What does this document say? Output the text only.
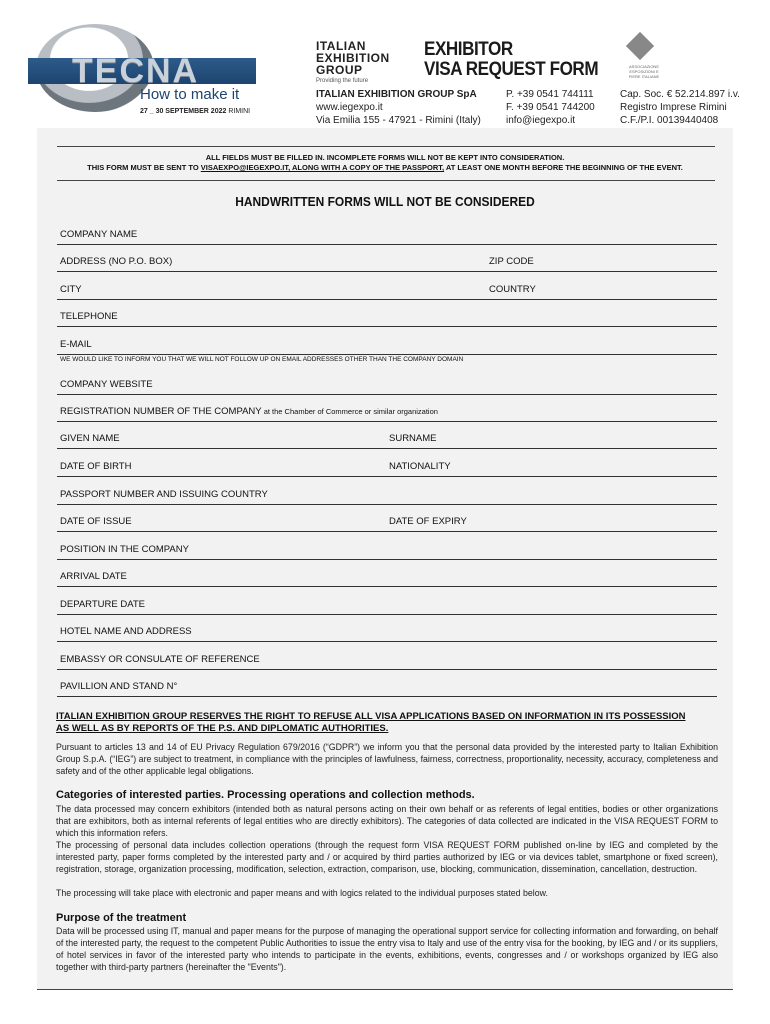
TECNA
How to make it
27 _ 30 SEPTEMBER 2022 RIMINI
ITALIAN
EXHIBITION
GROUP
Providing the future
EXHIBITOR
VISA REQUEST FORM	ASSOCIAZIONE ESPOSIZIONI E FIERE ITALIANE
ITALIAN EXHIBITION GROUP SpA
www.iegexpo.it
Via Emilia 155 - 47921 - Rimini (Italy)
P. +39 0541 744111
F. +39 0541 744200
info@iegexpo.it
Cap. Soc. € 52.214.897 i.v.
Registro Imprese Rimini
C.F./P.I. 00139440408
ALL FIELDS MUST BE FILLED IN. INCOMPLETE FORMS WILL NOT BE KEPT INTO CONSIDERATION.
THIS FORM MUST BE SENT TO VISAEXPO@IEGEXPO.IT, ALONG WITH A COPY OF THE PASSPORT, AT LEAST ONE MONTH BEFORE THE BEGINNING OF THE EVENT.
HANDWRITTEN FORMS WILL NOT BE CONSIDERED
COMPANY NAME
ADDRESS (NO P.O. BOX)	ZIP CODE
CITY	COUNTRY
TELEPHONE
E-MAIL
WE WOULD LIKE TO INFORM YOU THAT WE WILL NOT FOLLOW UP ON EMAIL ADDRESSES OTHER THAN THE COMPANY DOMAIN
COMPANY WEBSITE
REGISTRATION NUMBER OF THE COMPANY at the Chamber of Commerce or similar organization
GIVEN NAME	SURNAME
DATE OF BIRTH	NATIONALITY
PASSPORT NUMBER AND ISSUING COUNTRY
DATE OF ISSUE	DATE OF EXPIRY
POSITION IN THE COMPANY
ARRIVAL DATE
DEPARTURE DATE
HOTEL NAME AND ADDRESS
EMBASSY OR CONSULATE OF REFERENCE
PAVILLION AND STAND N°
ITALIAN EXHIBITION GROUP RESERVES THE RIGHT TO REFUSE ALL VISA APPLICATIONS BASED ON INFORMATION IN ITS POSSESSION AS WELL AS BY REPORTS OF THE P.S. AND DIPLOMATIC AUTHORITIES.
Pursuant to articles 13 and 14 of EU Privacy Regulation 679/2016 (“GDPR”) we inform you that the personal data provided by the interested party to Italian Exhibition Group S.p.A. (“IEG”) are subject to treatment, in compliance with the principles of lawfulness, fairness, correctness, proportionality, necessity, accuracy, completeness and safety and of the other applicable legal obligations.
Categories of interested parties. Processing operations and collection methods.
The data processed may concern exhibitors (intended both as natural persons acting on their own behalf or as referents of legal entities, bodies or other organizations that are exhibitors, both as internal referents of legal entities who are directly exhibitors). The categories of data collected are indicated in the VISA REQUEST FORM to which this information refers.
The processing of personal data includes collection operations (through the request form VISA REQUEST FORM published on-line by IEG and completed by the interested party, paper forms completed by the interested party and / or acquired by third parties authorized by IEG or via devices tablet, smartphone or fixed screen), registration, storage, organization processing, modification, selection, extraction, comparison, use, blocking, communication, dissemination, cancellation, destruction.
The processing will take place with electronic and paper means and with logics related to the individual purposes stated below.
Purpose of the treatment
Data will be processed using IT, manual and paper means for the purpose of managing the operational support service for collecting information and forwarding, on behalf of the interested party, the request to the competent Public Authorities to issue the entry visa to Italy and use of the entry visa for the booking, by IEG and / or its suppliers, of hotel services in favor of the interested party who intends to participate in the events, exhibitions, events, congresses and / or workshops organized by IEG also together with third-party partners (hereinafter the "Events").
